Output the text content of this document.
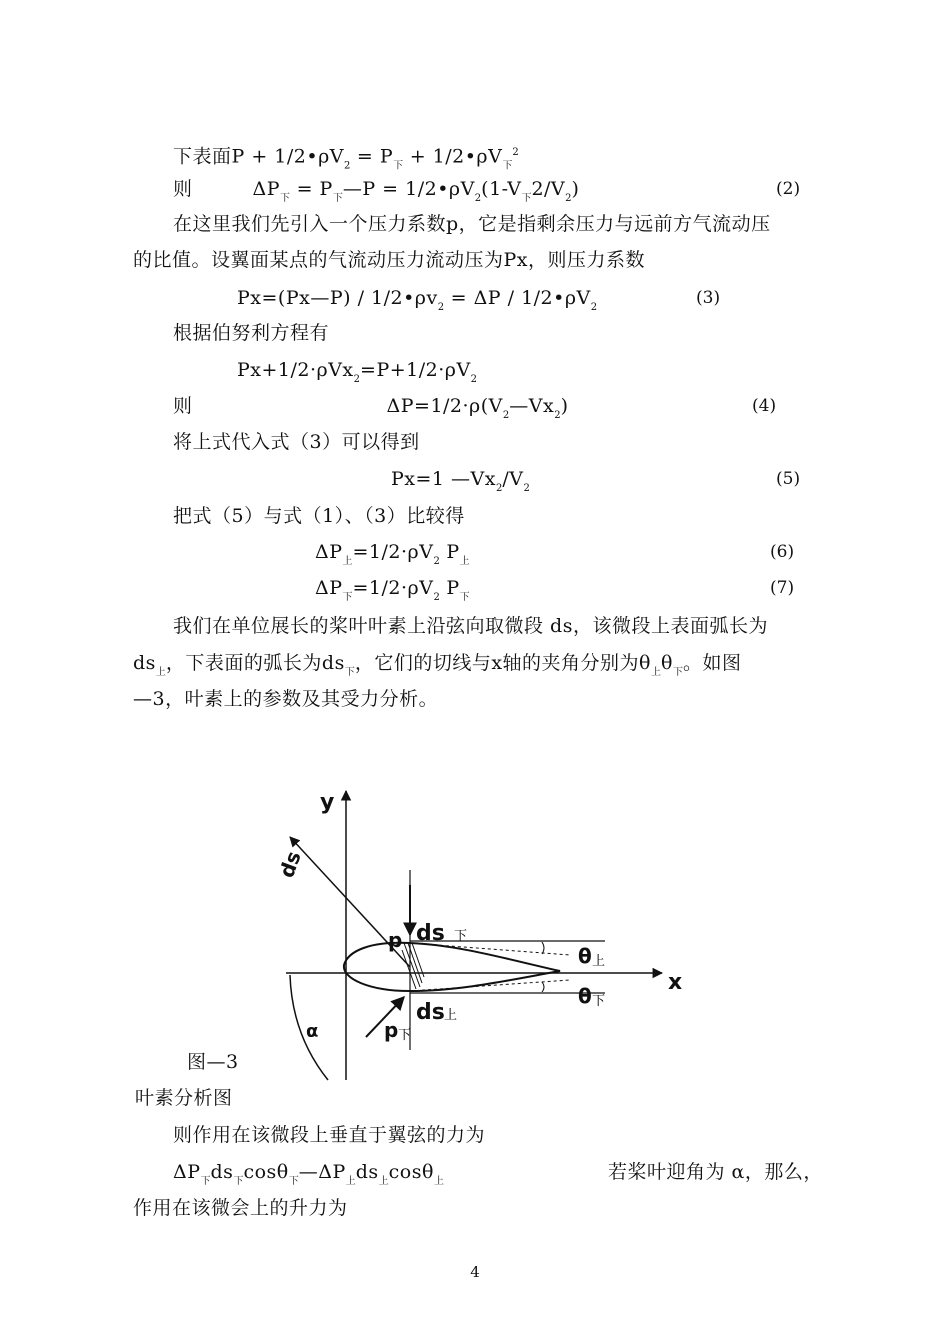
下表面$P + 1/2•\rho V_2 = P_下$ + $1/2•\rho V_下^2$
则	$\Delta P_下$ = $P_下—P$ = $1/2•\rho V_2(1-V_下2/V_2)$	(2)
在这里我们先引入一个压力系数p，它是指剩余压力与远前方气流动压
的比值。设翼面某点的气流动压力流动压为Px，则压力系数
Px=(Px—P) / $1/2•\rho v_2 = \Delta P$ / $1/2•\rho V_2$	(3)
根据伯努利方程有
$Px+1/2\cdot\rho Vx_2=P+1/2\cdot\rho V_2$
则	$\Delta P=1/2\cdot\rho(V_2—Vx_2)$	(4)
将上式代入式（3）可以得到
Px=1 $—Vx_2/V_2$	(5)
把式（5）与式（1）、（3）比较得
$\Delta P_上=1/2\cdot\rho V_2$ $P_上$	(6)
$\Delta P_下=1/2\cdot\rho V_2$ $P_下$	(7)
我们在单位展长的桨叶叶素上沿弦向取微段 ds，该微段上表面弧长为
$ds_上$，下表面的弧长为$ds_下$，它们的切线与x轴的夹角分别为$\theta_上\theta_下$。如图
—3，叶素上的参数及其受力分析。
y
x
ds
p ds 下
θ 上
θ 下
ds 上
p 下
α
图—3
叶素分析图
则作用在该微段上垂直于翼弦的力为
$\Delta P_下ds_下\cos\theta_下—\Delta P_上ds_上\cos\theta_上$	若桨叶迎角为 α，那么，
作用在该微会上的升力为
4
